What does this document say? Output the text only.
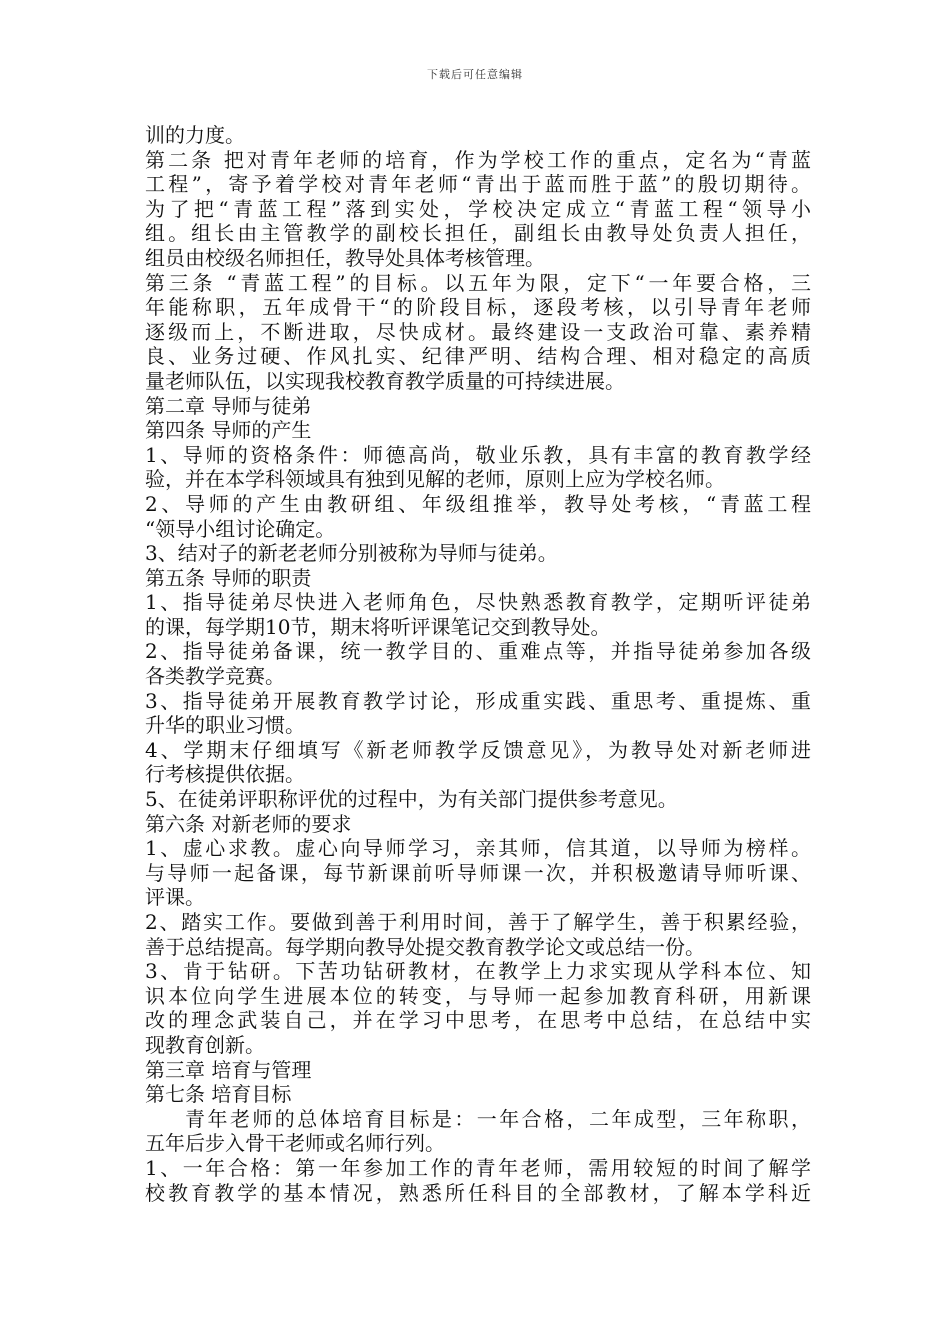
下载后可任意编辑
训的力度。
第二条 把对青年老师的培育，作为学校工作的重点，定名为“青蓝
工程”，寄予着学校对青年老师“青出于蓝而胜于蓝”的殷切期待。
为了把“青蓝工程”落到实处，学校决定成立“青蓝工程“领导小
组。组长由主管教学的副校长担任，副组长由教导处负责人担任，
组员由校级名师担任，教导处具体考核管理。
第三条 “青蓝工程”的目标。以五年为限，定下“一年要合格，三
年能称职，五年成骨干“的阶段目标，逐段考核，以引导青年老师
逐级而上，不断进取，尽快成材。最终建设一支政治可靠、素养精
良、业务过硬、作风扎实、纪律严明、结构合理、相对稳定的高质
量老师队伍，以实现我校教育教学质量的可持续进展。
第二章 导师与徒弟
第四条 导师的产生
1、导师的资格条件：师德高尚，敬业乐教，具有丰富的教育教学经
验，并在本学科领域具有独到见解的老师，原则上应为学校名师。
2、导师的产生由教研组、年级组推举，教导处考核，“青蓝工程
“领导小组讨论确定。
3、结对子的新老老师分别被称为导师与徒弟。
第五条 导师的职责
1、指导徒弟尽快进入老师角色，尽快熟悉教育教学，定期听评徒弟
的课，每学期10节，期末将听评课笔记交到教导处。
2、指导徒弟备课，统一教学目的、重难点等，并指导徒弟参加各级
各类教学竞赛。
3、指导徒弟开展教育教学讨论，形成重实践、重思考、重提炼、重
升华的职业习惯。
4、学期末仔细填写《新老师教学反馈意见》，为教导处对新老师进
行考核提供依据。
5、在徒弟评职称评优的过程中，为有关部门提供参考意见。
第六条 对新老师的要求
1、虚心求教。虚心向导师学习，亲其师，信其道，以导师为榜样。
与导师一起备课，每节新课前听导师课一次，并积极邀请导师听课、
评课。
2、踏实工作。要做到善于利用时间，善于了解学生，善于积累经验，
善于总结提高。每学期向教导处提交教育教学论文或总结一份。
3、肯于钻研。下苦功钻研教材，在教学上力求实现从学科本位、知
识本位向学生进展本位的转变，与导师一起参加教育科研，用新课
改的理念武装自己，并在学习中思考，在思考中总结，在总结中实
现教育创新。
第三章 培育与管理
第七条 培育目标
青年老师的总体培育目标是：一年合格，二年成型，三年称职，
五年后步入骨干老师或名师行列。
1、一年合格：第一年参加工作的青年老师，需用较短的时间了解学
校教育教学的基本情况，熟悉所任科目的全部教材，了解本学科近
